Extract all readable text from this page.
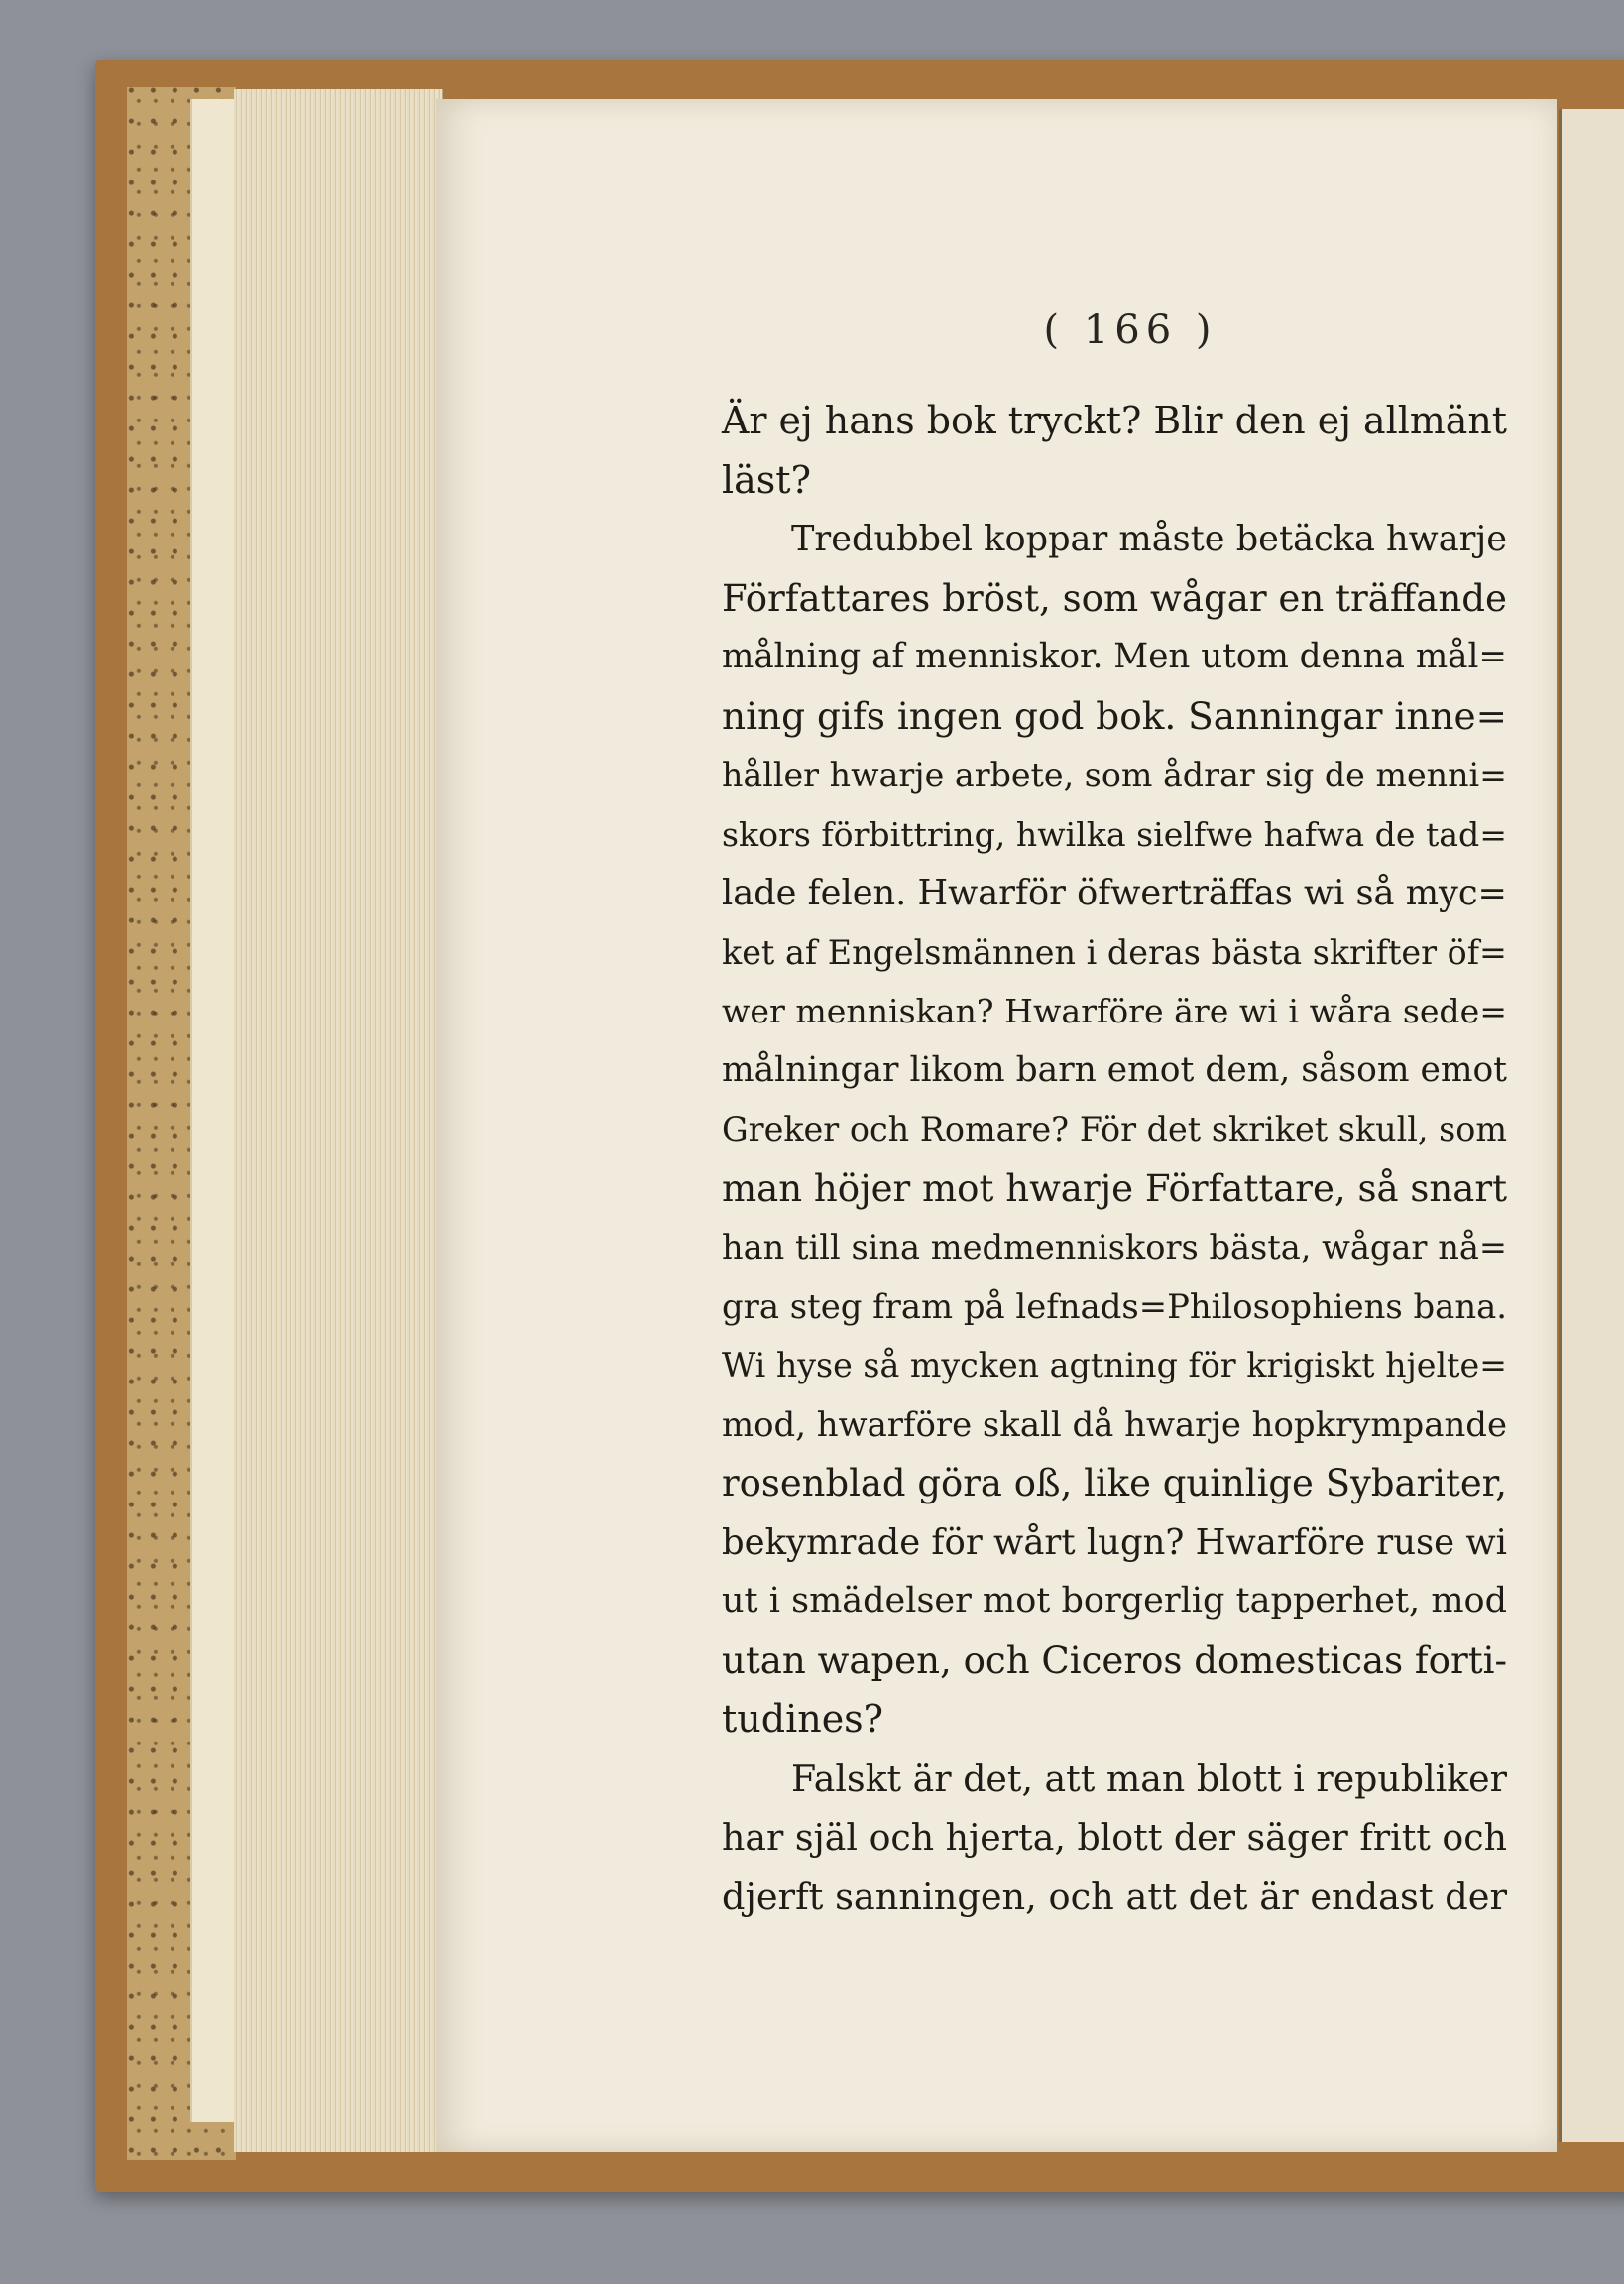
( 166 )
Är ej hans bok tryckt? Blir den ej allmänt
läst?
Tredubbel koppar måste betäcka hwarje
Författares bröst, som wågar en träffande
målning af menniskor. Men utom denna mål=
ning gifs ingen god bok. Sanningar inne=
håller hwarje arbete, som ådrar sig de menni=
skors förbittring, hwilka sielfwe hafwa de tad=
lade felen. Hwarför öfwerträffas wi så myc=
ket af Engelsmännen i deras bästa skrifter öf=
wer menniskan? Hwarföre äre wi i wåra sede=
målningar likom barn emot dem, såsom emot
Greker och Romare? För det skriket skull, som
man höjer mot hwarje Författare, så snart
han till sina medmenniskors bästa, wågar nå=
gra steg fram på lefnads=Philosophiens bana.
Wi hyse så mycken agtning för krigiskt hjelte=
mod, hwarföre skall då hwarje hopkrympande
rosenblad göra oß, like quinlige Sybariter,
bekymrade för wårt lugn? Hwarföre ruse wi
ut i smädelser mot borgerlig tapperhet, mod
utan wapen, och Ciceros domesticas forti-
tudines?
Falskt är det, att man blott i republiker
har själ och hjerta, blott der säger fritt och
djerft sanningen, och att det är endast der
